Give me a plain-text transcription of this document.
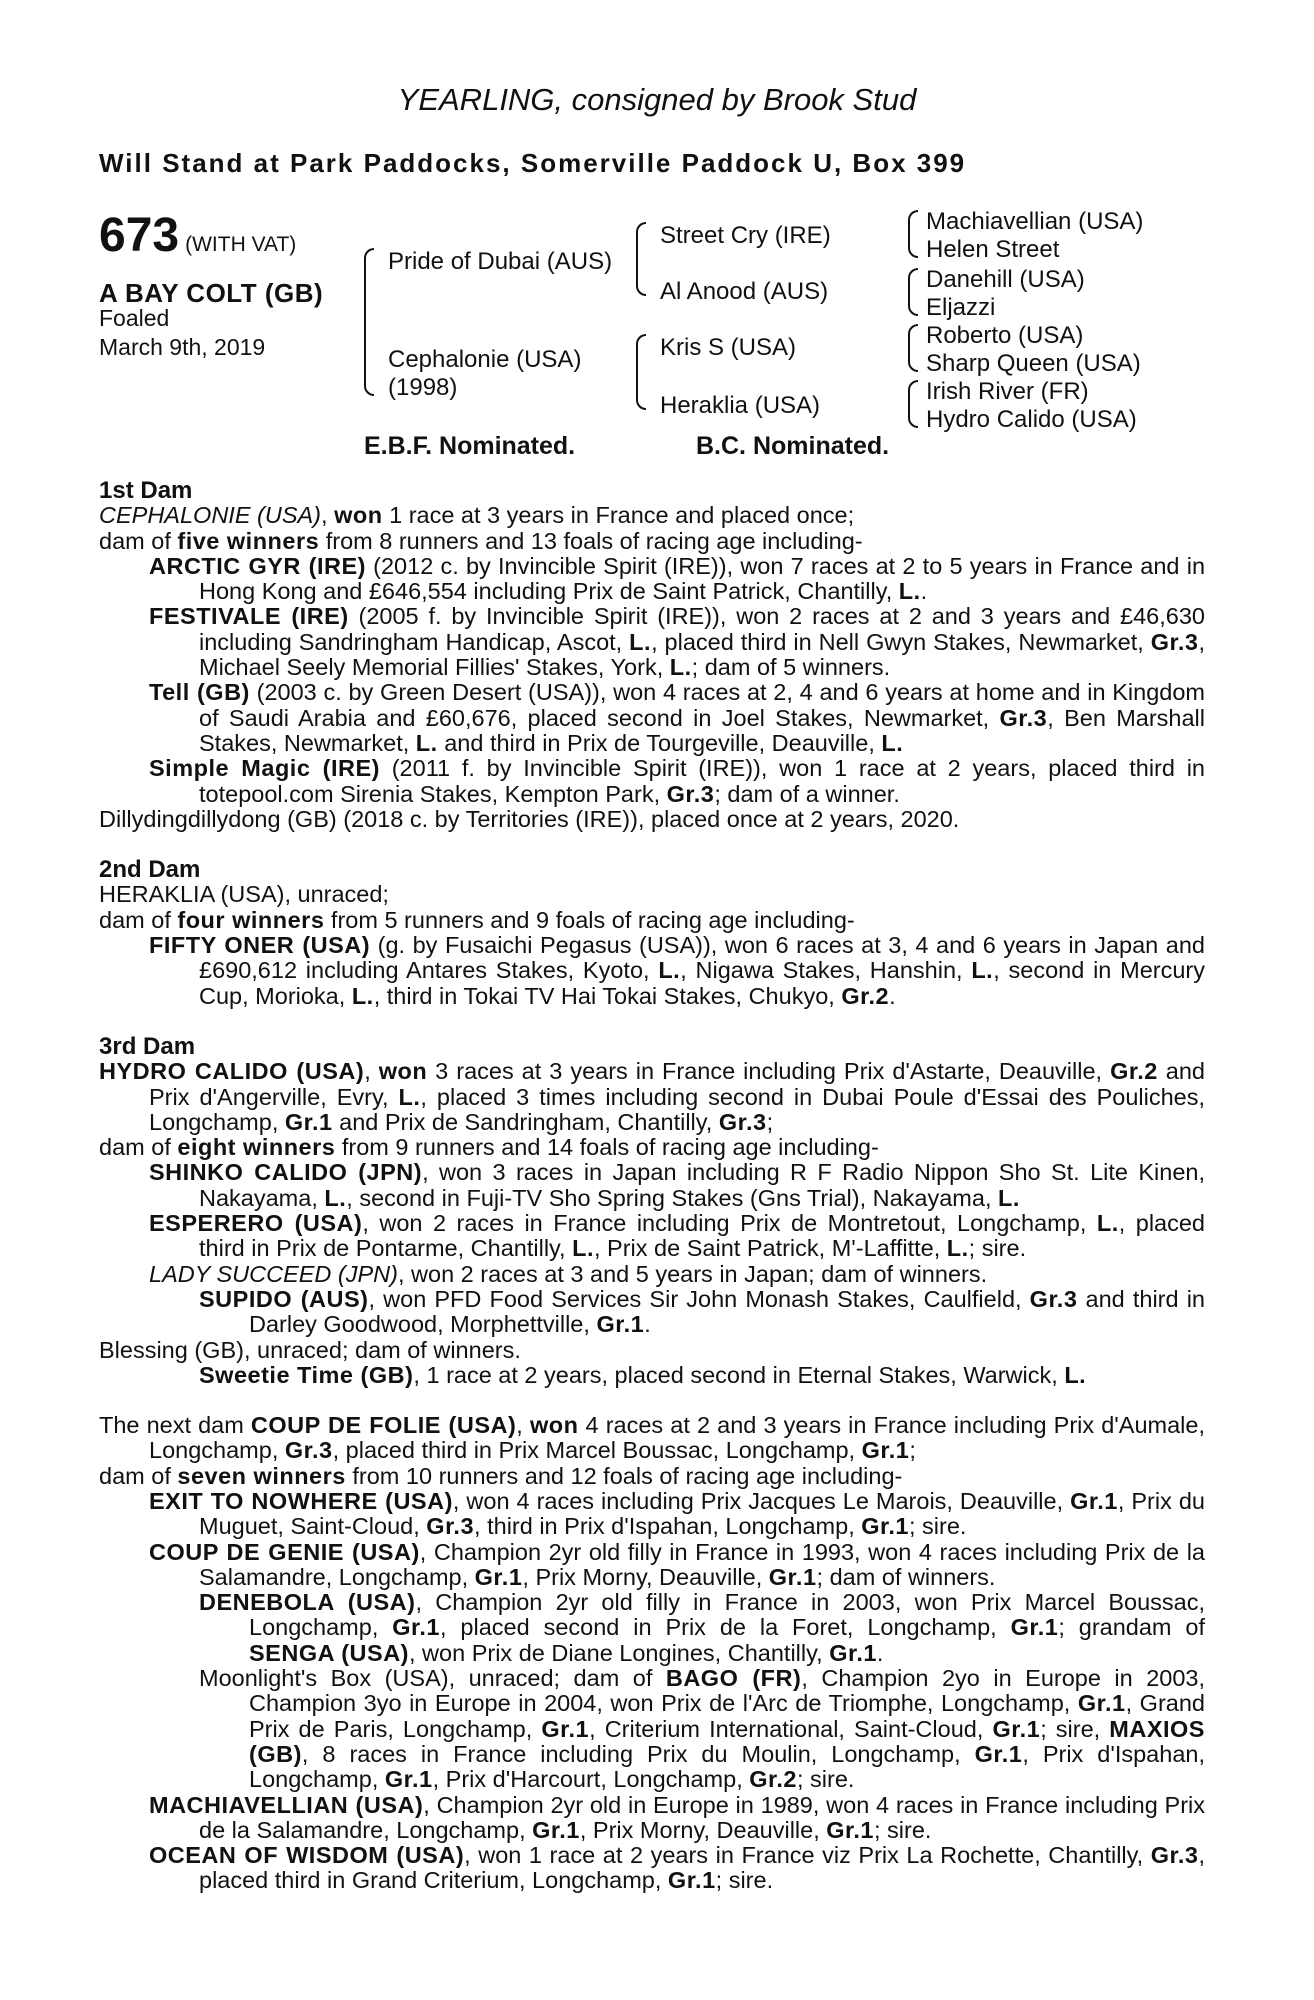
YEARLING, consigned by Brook Stud
Will Stand at Park Paddocks, Somerville Paddock U, Box 399
673 (WITH VAT)
A BAY COLT (GB)
Foaled
March 9th, 2019
Pride of Dubai (AUS)
Cephalonie (USA)
(1998)
Street Cry (IRE)
Al Anood (AUS)
Kris S (USA)
Heraklia (USA)
Machiavellian (USA)
Helen Street
Danehill (USA)
Eljazzi
Roberto (USA)
Sharp Queen (USA)
Irish River (FR)
Hydro Calido (USA)
E.B.F. Nominated.	B.C. Nominated.

1st Dam

CEPHALONIE (USA), won 1 race at 3 years in France and placed once;

dam of five winners from 8 runners and 13 foals of racing age including-

ARCTIC GYR (IRE) (2012 c. by Invincible Spirit (IRE)), won 7 races at 2 to 5 years in France and in Hong Kong and £646,554 including Prix de Saint Patrick, Chantilly, L..

FESTIVALE (IRE) (2005 f. by Invincible Spirit (IRE)), won 2 races at 2 and 3 years and £46,630 including Sandringham Handicap, Ascot, L., placed third in Nell Gwyn Stakes, Newmarket, Gr.3, Michael Seely Memorial Fillies' Stakes, York, L.; dam of 5 winners.

Tell (GB) (2003 c. by Green Desert (USA)), won 4 races at 2, 4 and 6 years at home and in Kingdom of Saudi Arabia and £60,676, placed second in Joel Stakes, Newmarket, Gr.3, Ben Marshall Stakes, Newmarket, L. and third in Prix de Tourgeville, Deauville, L.

Simple Magic (IRE) (2011 f. by Invincible Spirit (IRE)), won 1 race at 2 years, placed third in totepool.com Sirenia Stakes, Kempton Park, Gr.3; dam of a winner.

Dillydingdillydong (GB) (2018 c. by Territories (IRE)), placed once at 2 years, 2020.

2nd Dam

HERAKLIA (USA), unraced;

dam of four winners from 5 runners and 9 foals of racing age including-

FIFTY ONER (USA) (g. by Fusaichi Pegasus (USA)), won 6 races at 3, 4 and 6 years in Japan and £690,612 including Antares Stakes, Kyoto, L., Nigawa Stakes, Hanshin, L., second in Mercury Cup, Morioka, L., third in Tokai TV Hai Tokai Stakes, Chukyo, Gr.2.

3rd Dam

HYDRO CALIDO (USA), won 3 races at 3 years in France including Prix d'Astarte, Deauville, Gr.2 and Prix d'Angerville, Evry, L., placed 3 times including second in Dubai Poule d'Essai des Pouliches, Longchamp, Gr.1 and Prix de Sandringham, Chantilly, Gr.3;

dam of eight winners from 9 runners and 14 foals of racing age including-

SHINKO CALIDO (JPN), won 3 races in Japan including R F Radio Nippon Sho St. Lite Kinen, Nakayama, L., second in Fuji-TV Sho Spring Stakes (Gns Trial), Nakayama, L.

ESPERERO (USA), won 2 races in France including Prix de Montretout, Longchamp, L., placed third in Prix de Pontarme, Chantilly, L., Prix de Saint Patrick, M'-Laffitte, L.; sire.

LADY SUCCEED (JPN), won 2 races at 3 and 5 years in Japan; dam of winners.

SUPIDO (AUS), won PFD Food Services Sir John Monash Stakes, Caulfield, Gr.3 and third in Darley Goodwood, Morphettville, Gr.1.

Blessing (GB), unraced; dam of winners.

Sweetie Time (GB), 1 race at 2 years, placed second in Eternal Stakes, Warwick, L.

The next dam COUP DE FOLIE (USA), won 4 races at 2 and 3 years in France including Prix d'Aumale, Longchamp, Gr.3, placed third in Prix Marcel Boussac, Longchamp, Gr.1;

dam of seven winners from 10 runners and 12 foals of racing age including-

EXIT TO NOWHERE (USA), won 4 races including Prix Jacques Le Marois, Deauville, Gr.1, Prix du Muguet, Saint-Cloud, Gr.3, third in Prix d'Ispahan, Longchamp, Gr.1; sire.

COUP DE GENIE (USA), Champion 2yr old filly in France in 1993, won 4 races including Prix de la Salamandre, Longchamp, Gr.1, Prix Morny, Deauville, Gr.1; dam of winners.

DENEBOLA (USA), Champion 2yr old filly in France in 2003, won Prix Marcel Boussac, Longchamp, Gr.1, placed second in Prix de la Foret, Longchamp, Gr.1; grandam of SENGA (USA), won Prix de Diane Longines, Chantilly, Gr.1.

Moonlight's Box (USA), unraced; dam of BAGO (FR), Champion 2yo in Europe in 2003, Champion 3yo in Europe in 2004, won Prix de l'Arc de Triomphe, Longchamp, Gr.1, Grand Prix de Paris, Longchamp, Gr.1, Criterium International, Saint-Cloud, Gr.1; sire, MAXIOS (GB), 8 races in France including Prix du Moulin, Longchamp, Gr.1, Prix d'Ispahan, Longchamp, Gr.1, Prix d'Harcourt, Longchamp, Gr.2; sire.

MACHIAVELLIAN (USA), Champion 2yr old in Europe in 1989, won 4 races in France including Prix de la Salamandre, Longchamp, Gr.1, Prix Morny, Deauville, Gr.1; sire.

OCEAN OF WISDOM (USA), won 1 race at 2 years in France viz Prix La Rochette, Chantilly, Gr.3, placed third in Grand Criterium, Longchamp, Gr.1; sire.
